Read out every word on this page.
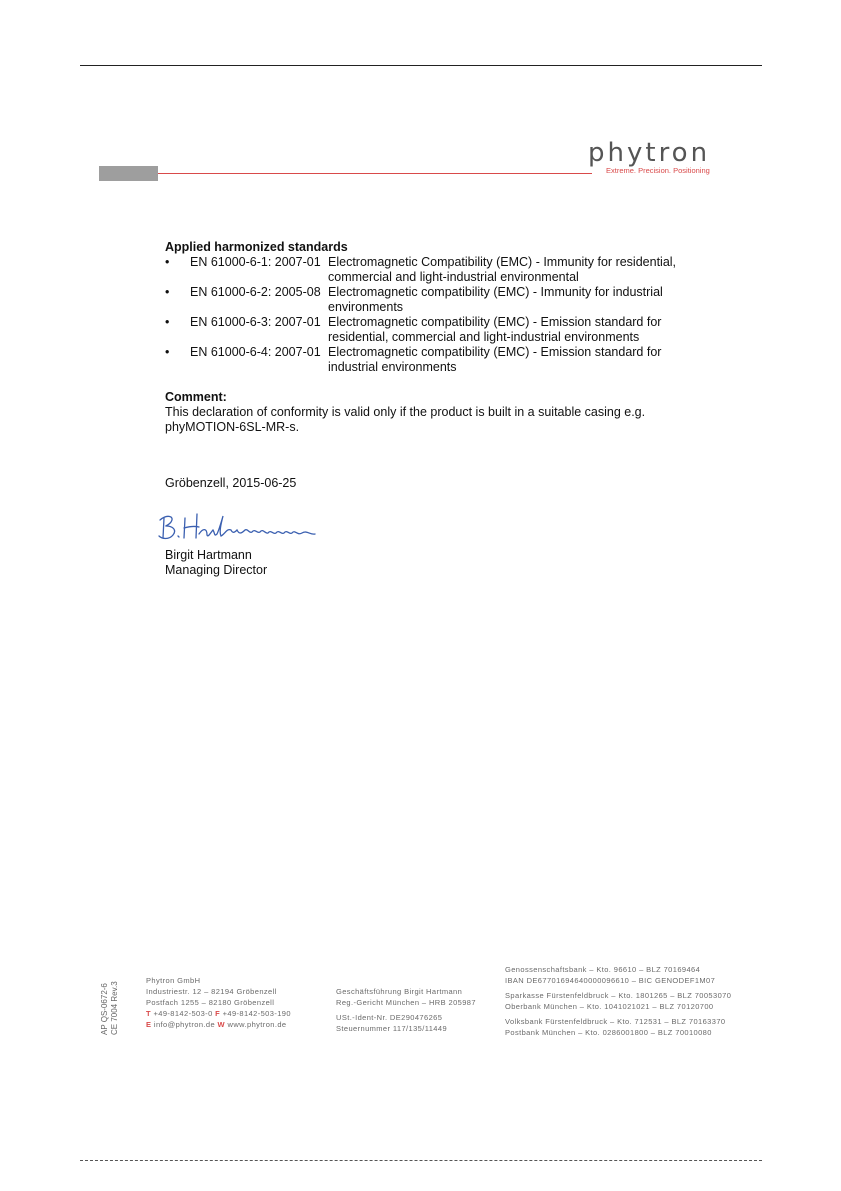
phytron
Extreme. Precision. Positioning

Applied harmonized standards

•	EN 61000-6-1: 2007-01 Electromagnetic Compatibility (EMC) - Immunity for residential, commercial and light-industrial environmental
•	EN 61000-6-2: 2005-08 Electromagnetic compatibility (EMC) - Immunity for industrial environments
•	EN 61000-6-3: 2007-01 Electromagnetic compatibility (EMC) - Emission standard for residential, commercial and light-industrial environments
•	EN 61000-6-4: 2007-01 Electromagnetic compatibility (EMC) - Emission standard for industrial environments

Comment:

This declaration of conformity is valid only if the product is built in a suitable casing e.g. phyMOTION-6SL-MR-s.
Gröbenzell, 2015-06-25
Birgit Hartmann
Managing Director
AP QS-0672-6 CE 7004 Rev.3
Phytron GmbH
Industriestr. 12 – 82194 Gröbenzell
Postfach 1255 – 82180 Gröbenzell
T +49-8142-503-0 F +49-8142-503-190
E info@phytron.de W www.phytron.de
Geschäftsführung Birgit Hartmann
Reg.-Gericht München – HRB 205987
USt.-Ident-Nr. DE290476265
Steuernummer 117/135/11449
Genossenschaftsbank – Kto. 96610 – BLZ 70169464
IBAN DE67701694640000096610 – BIC GENODEF1M07
Sparkasse Fürstenfeldbruck – Kto. 1801265 – BLZ 70053070
Oberbank München – Kto. 1041021021 – BLZ 70120700
Volksbank Fürstenfeldbruck – Kto. 712531 – BLZ 70163370
Postbank München – Kto. 0286001800 – BLZ 70010080
